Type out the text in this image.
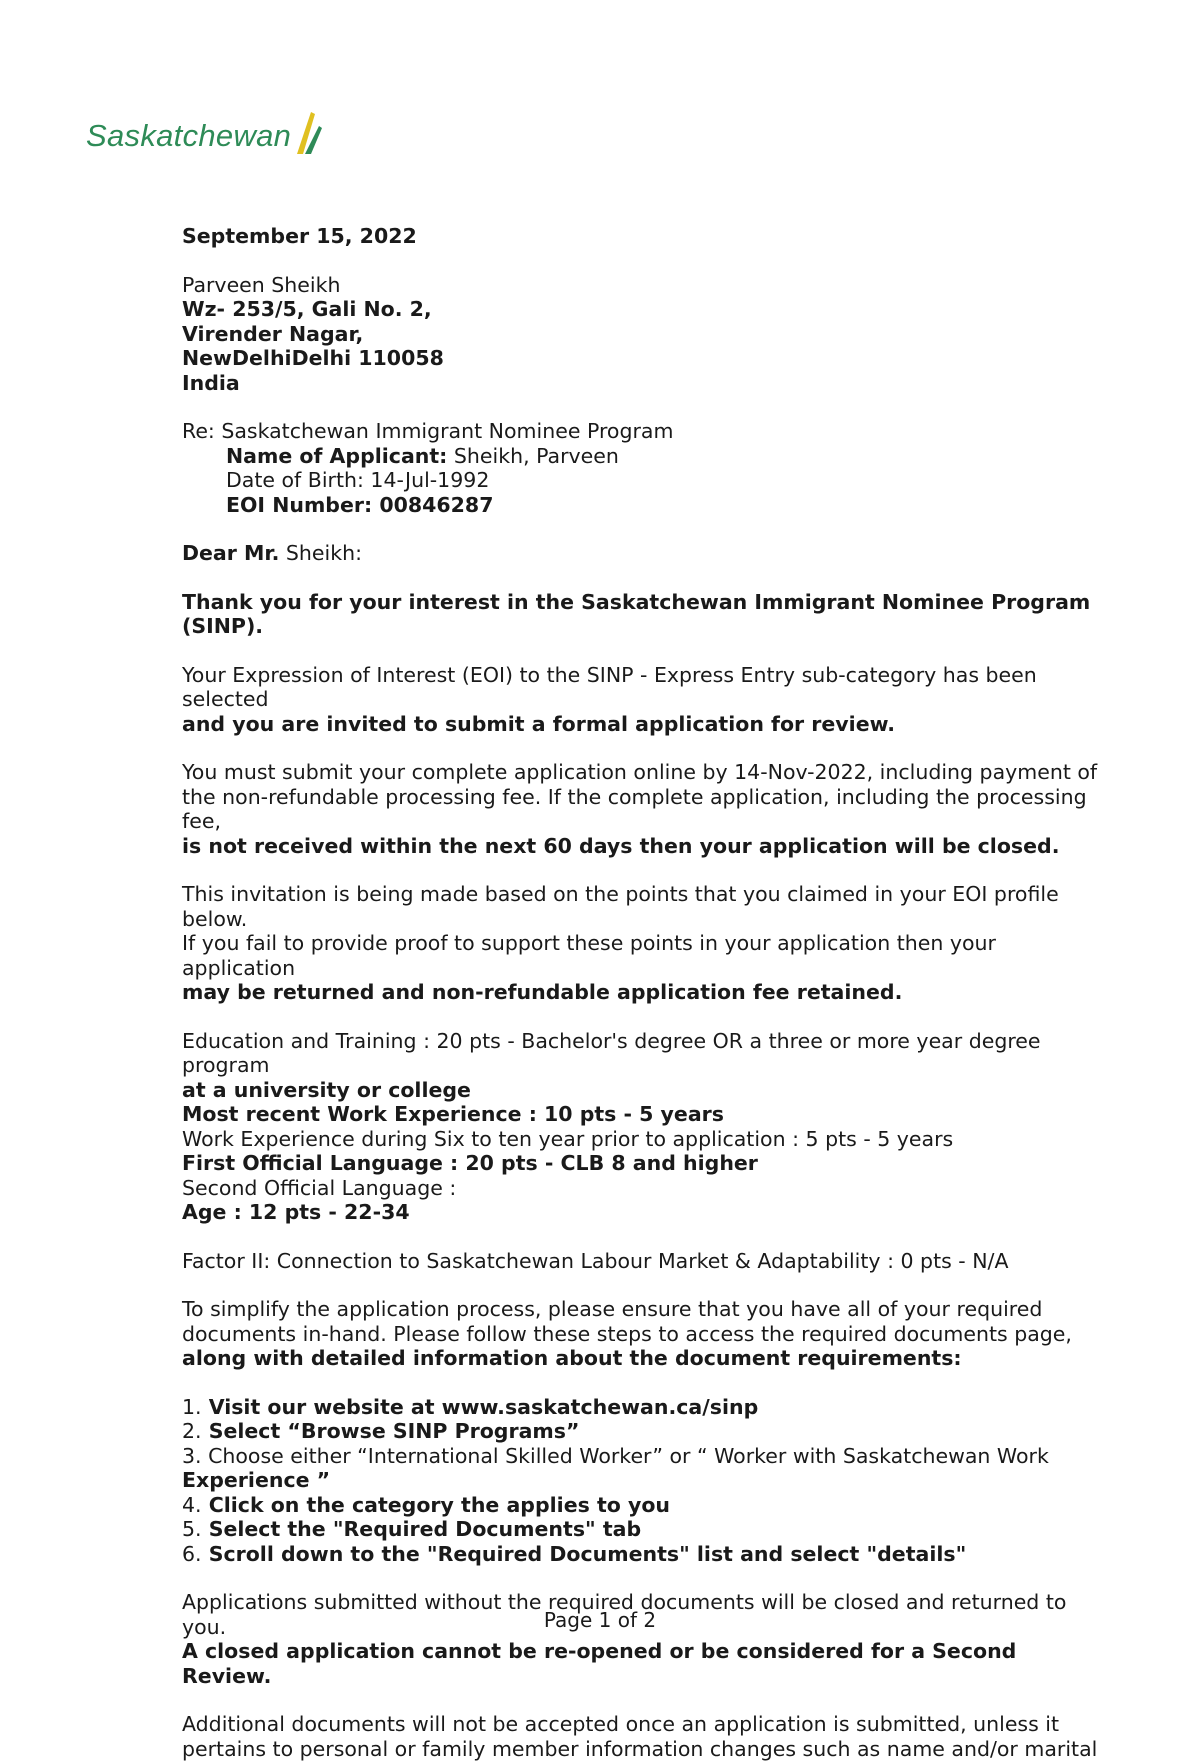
Saskatchewan

September 15, 2022

Parveen Sheikh

Wz- 253/5, Gali No. 2,

Virender Nagar,

NewDelhiDelhi 110058

India

Re: Saskatchewan Immigrant Nominee Program

Name of Applicant: Sheikh, Parveen

Date of Birth: 14-Jul-1992

EOI Number: 00846287

Dear Mr. Sheikh:

Thank you for your interest in the Saskatchewan Immigrant Nominee Program (SINP).

Your Expression of Interest (EOI) to the SINP - Express Entry sub-category has been selected

and you are invited to submit a formal application for review.

You must submit your complete application online by 14-Nov-2022, including payment of

the non-refundable processing fee. If the complete application, including the processing fee,

is not received within the next 60 days then your application will be closed.

This invitation is being made based on the points that you claimed in your EOI profile below.

If you fail to provide proof to support these points in your application then your application

may be returned and non-refundable application fee retained.

Education and Training : 20 pts - Bachelor's degree OR a three or more year degree program

at a university or college

Most recent Work Experience : 10 pts - 5 years

Work Experience during Six to ten year prior to application : 5 pts - 5 years

First Official Language : 20 pts - CLB 8 and higher

Second Official Language :

Age : 12 pts - 22-34

Factor II: Connection to Saskatchewan Labour Market & Adaptability : 0 pts - N/A

To simplify the application process, please ensure that you have all of your required

documents in-hand. Please follow these steps to access the required documents page,

along with detailed information about the document requirements:

1. Visit our website at www.saskatchewan.ca/sinp

2. Select “Browse SINP Programs”

3. Choose either “International Skilled Worker” or “ Worker with Saskatchewan Work

Experience ”

4. Click on the category the applies to you

5. Select the "Required Documents" tab

6. Scroll down to the "Required Documents" list and select "details"

Applications submitted without the required documents will be closed and returned to you.

A closed application cannot be re-opened or be considered for a Second Review.

Additional documents will not be accepted once an application is submitted, unless it

pertains to personal or family member information changes such as name and/or marital

Page 1 of 2
